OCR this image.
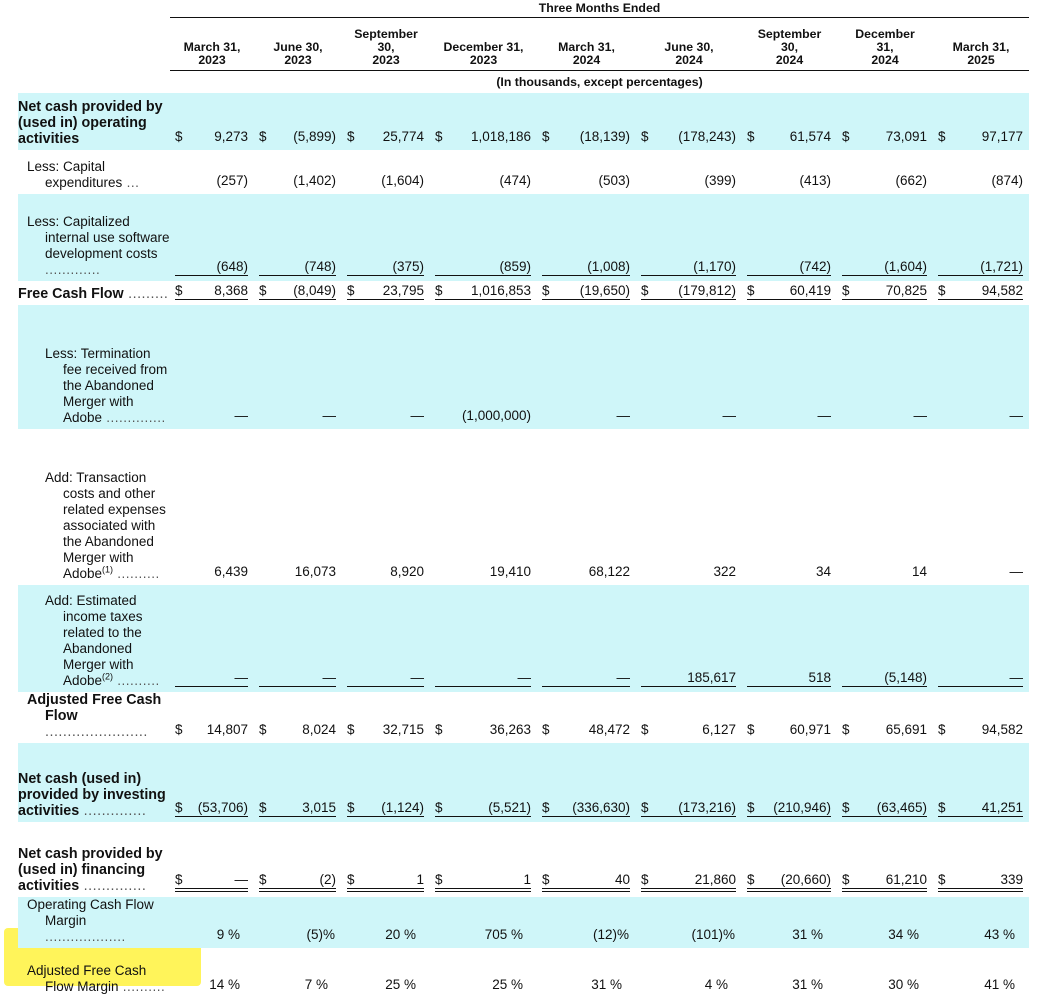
	Three Months Ended								
	March 31,
2023	June 30,
2023	September
30,
2023	December 31,
2023	March 31,
2024	June 30,
2024	September
30,
2024	December
31,
2024	March 31,
2025
	(In thousands, except percentages)								
Net cash provided by (used in) operating activities	$ 9,273	$ (5,899)	$ 25,774	$ 1,018,186	$ (18,139)	$ (178,243)	$ 61,574	$ 73,091	$ 97,177

Less: Capital expenditures ...	(257)	(1,402)	(1,604)	(474)	(503)	(399)	(413)	(662)	(874)

Less: Capitalized internal use software development costs .............	(648)	(748)	(375)	(859)	(1,008)	(1,170)	(742)	(1,604)	(1,721)

Free Cash Flow .........	$ 8,368	$ (8,049)	$ 23,795	$ 1,016,853	$ (19,650)	$ (179,812)	$ 60,419	$ 70,825	$ 94,582

Less: Termination fee received from the Abandoned Merger with Adobe ..............	—	—	—	(1,000,000)	—	—	—	—	—

Add: Transaction costs and other related expenses associated with the Abandoned Merger with Adobe$^{(1)}$ ..........	6,439	16,073	8,920	19,410	68,122	322	34	14	—

Add: Estimated income taxes related to the Abandoned Merger with Adobe$^{(2)}$ ..........	—	—	—	—	—	185,617	518	(5,148)	—

Adjusted Free Cash Flow .......................	$ 14,807	$ 8,024	$ 32,715	$ 36,263	$ 48,472	$ 6,127	$ 60,971	$ 65,691	$ 94,582

Net cash (used in) provided by investing activities ..............	$ (53,706)	$ 3,015	$ (1,124)	$ (5,521)	$ (336,630)	$ (173,216)	$ (210,946)	$ (63,465)	$ 41,251

Net cash provided by (used in) financing activities ..............	$ —	$ (2)	$ 1	$ 1	$ 40	$ 21,860	$ (20,660)	$ 61,210	$ 339

Operating Cash Flow Margin ...................	9 %	(5)%	20 %	705 %	(12)%	(101)%	31 %	34 %	43 %

Adjusted Free Cash Flow Margin ..........	14 %	7 %	25 %	25 %	31 %	4 %	31 %	30 %	41 %
